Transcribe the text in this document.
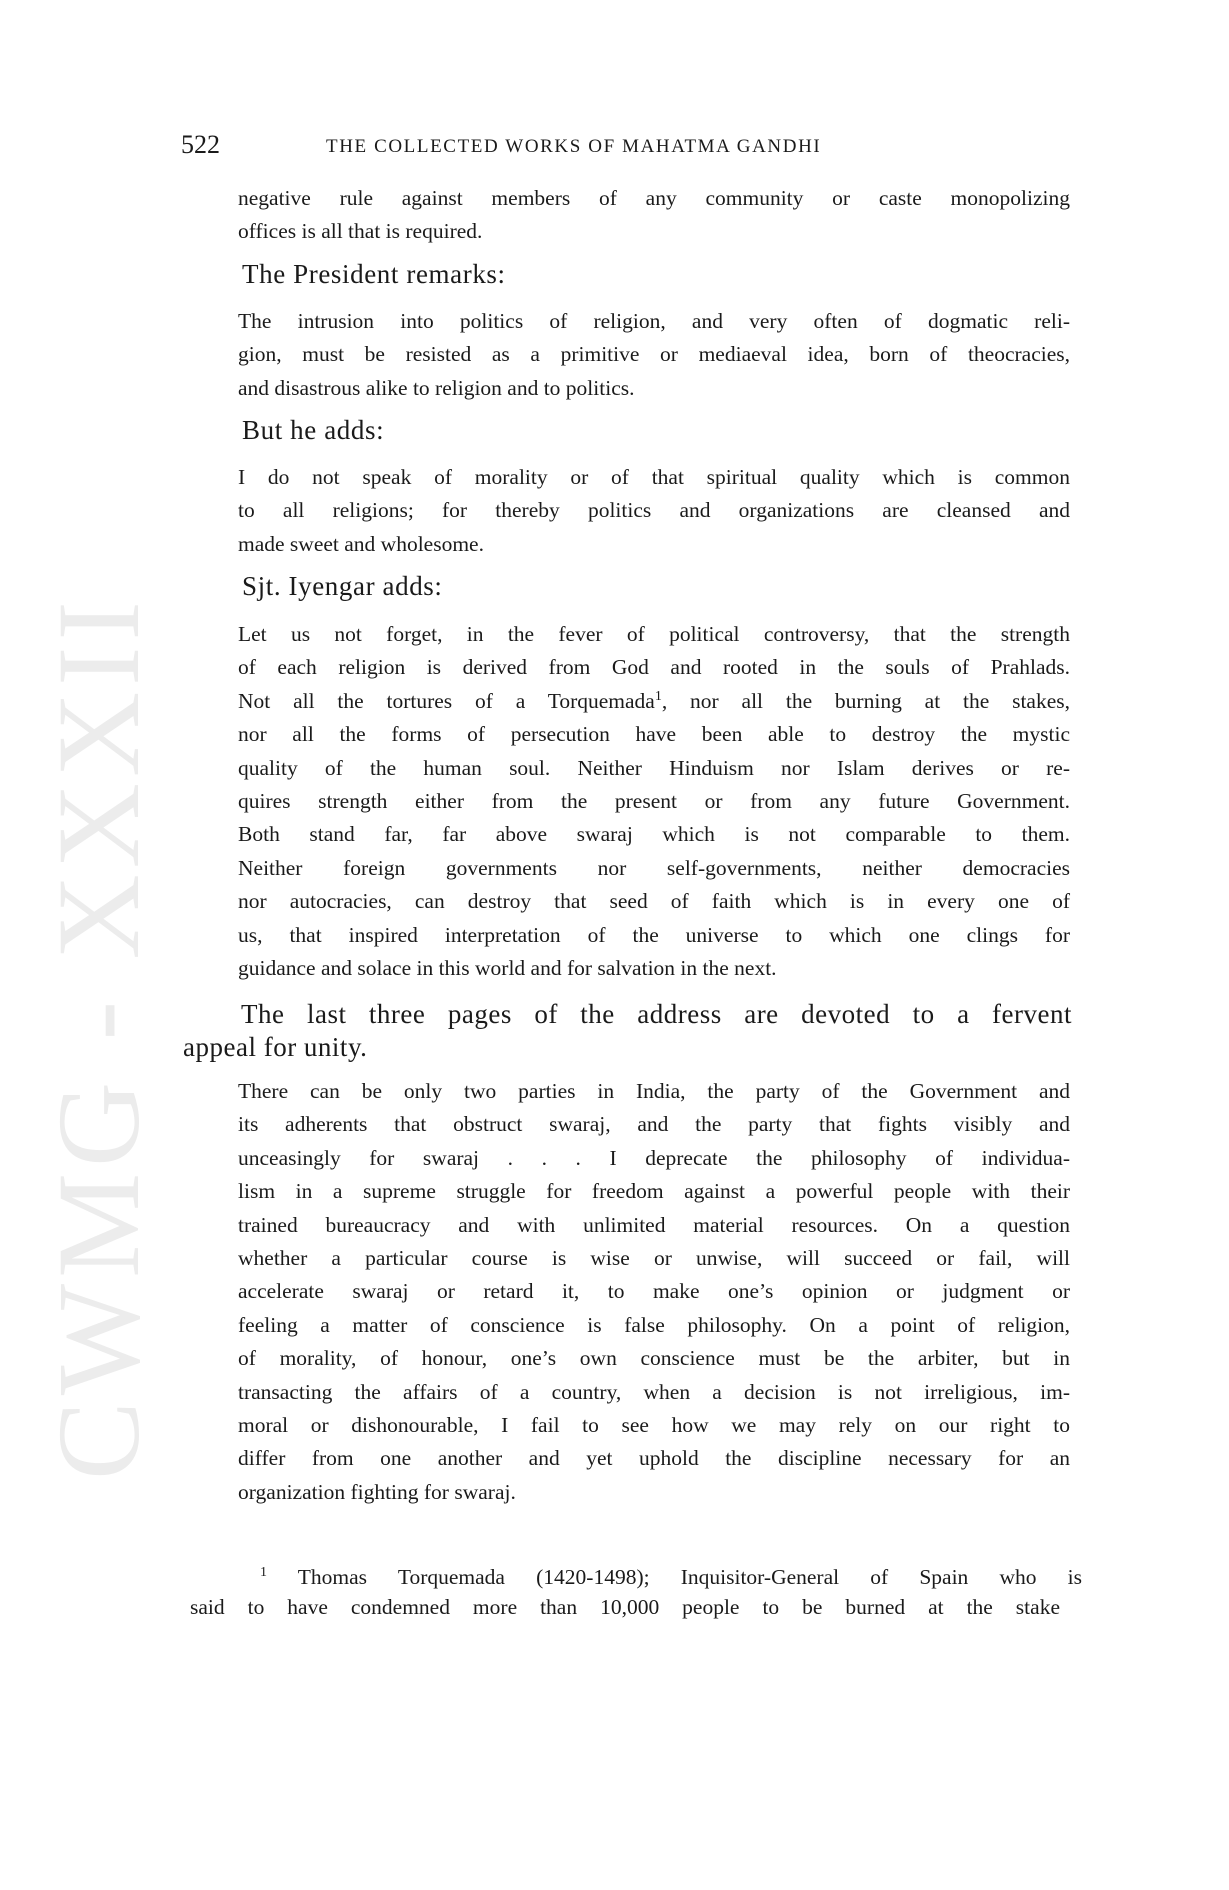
CWMG - XXXII
522	THE COLLECTED WORKS OF MAHATMA GANDHI
negative rule against members of any community or caste monopolizing
offices is all that is required.
The President remarks:
The intrusion into politics of religion, and very often of dogmatic reli-
gion, must be resisted as a primitive or mediaeval idea, born of theocracies,
and disastrous alike to religion and to politics.
But he adds:
I do not speak of morality or of that spiritual quality which is common
to all religions; for thereby politics and organizations are cleansed and
made sweet and wholesome.
Sjt. Iyengar adds:
Let us not forget, in the fever of political controversy, that the strength
of each religion is derived from God and rooted in the souls of Prahlads.
Not all the tortures of a Torquemada$^1$, nor all the burning at the stakes,
nor all the forms of persecution have been able to destroy the mystic
quality of the human soul. Neither Hinduism nor Islam derives or re-
quires strength either from the present or from any future Government.
Both stand far, far above swaraj which is not comparable to them.
Neither foreign governments nor self-governments, neither democracies
nor autocracies, can destroy that seed of faith which is in every one of
us, that inspired interpretation of the universe to which one clings for
guidance and solace in this world and for salvation in the next.
The last three pages of the address are devoted to a fervent
appeal for unity.
There can be only two parties in India, the party of the Government and
its adherents that obstruct swaraj, and the party that fights visibly and
unceasingly for swaraj . . . I deprecate the philosophy of individua-
lism in a supreme struggle for freedom against a powerful people with their
trained bureaucracy and with unlimited material resources. On a question
whether a particular course is wise or unwise, will succeed or fail, will
accelerate swaraj or retard it, to make one’s opinion or judgment or
feeling a matter of conscience is false philosophy. On a point of religion,
of morality, of honour, one’s own conscience must be the arbiter, but in
transacting the affairs of a country, when a decision is not irreligious, im-
moral or dishonourable, I fail to see how we may rely on our right to
differ from one another and yet uphold the discipline necessary for an
organization fighting for swaraj.
$^1$ Thomas Torquemada (1420-1498); Inquisitor-General of Spain who is
said to have condemned more than 10,000 people to be burned at the stake
